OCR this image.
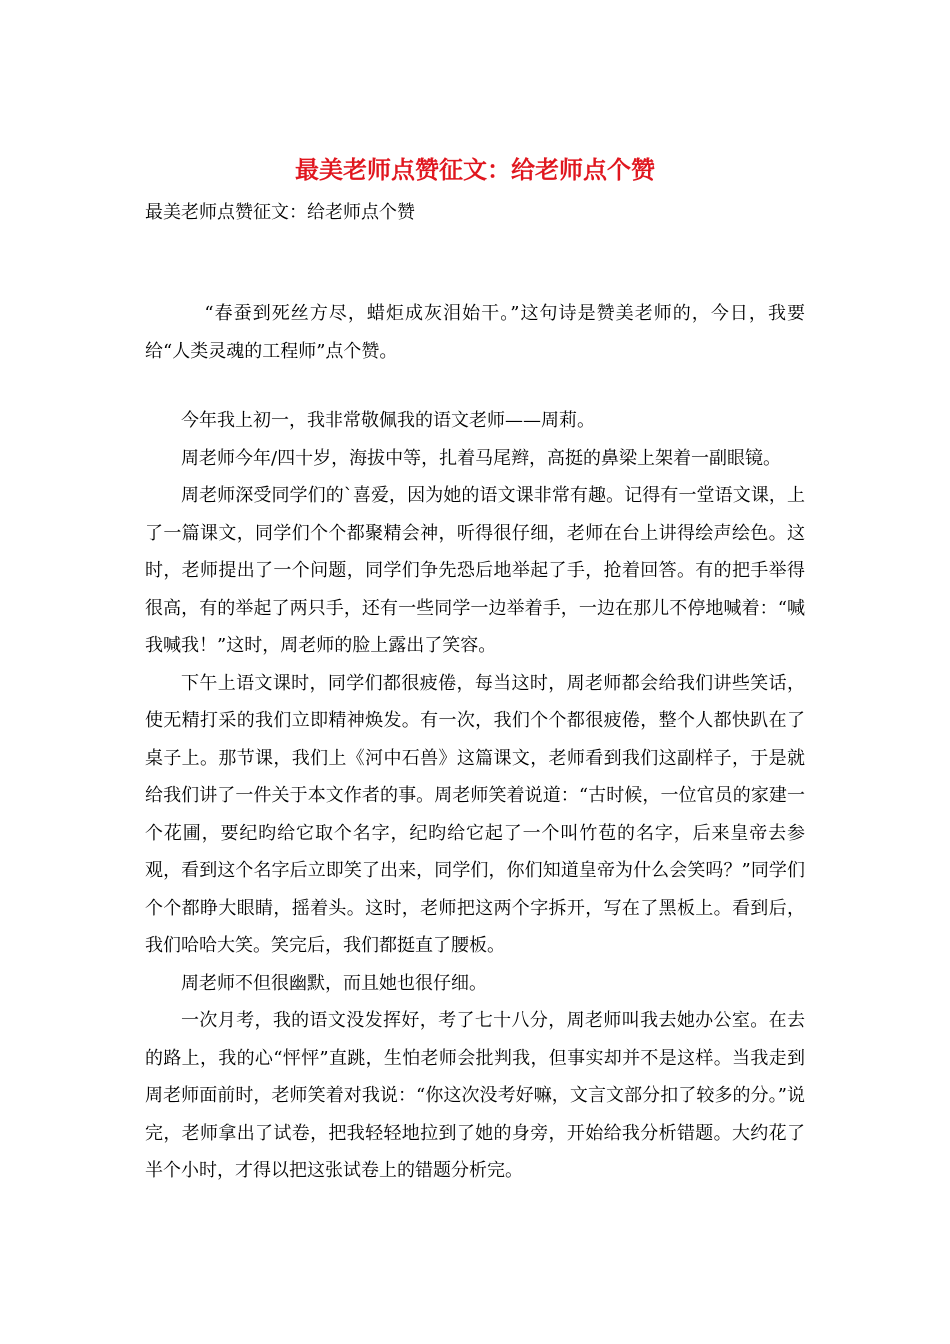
最美老师点赞征文：给老师点个赞

最美老师点赞征文：给老师点个赞

“春蚕到死丝方尽，蜡炬成灰泪始干。”这句诗是赞美老师的，今日，我要给“人类灵魂的工程师”点个赞。

今年我上初一，我非常敬佩我的语文老师——周莉。

周老师今年/四十岁，海拔中等，扎着马尾辫，高挺的鼻梁上架着一副眼镜。

周老师深受同学们的`喜爱，因为她的语文课非常有趣。记得有一堂语文课，上了一篇课文，同学们个个都聚精会神，听得很仔细，老师在台上讲得绘声绘色。这时，老师提出了一个问题，同学们争先恐后地举起了手，抢着回答。有的把手举得很高，有的举起了两只手，还有一些同学一边举着手，一边在那儿不停地喊着：“喊我喊我！”这时，周老师的脸上露出了笑容。

下午上语文课时，同学们都很疲倦，每当这时，周老师都会给我们讲些笑话，使无精打采的我们立即精神焕发。有一次，我们个个都很疲倦，整个人都快趴在了桌子上。那节课，我们上《河中石兽》这篇课文，老师看到我们这副样子，于是就给我们讲了一件关于本文作者的事。周老师笑着说道：“古时候，一位官员的家建一个花圃，要纪昀给它取个名字，纪昀给它起了一个叫竹苞的名字，后来皇帝去参观，看到这个名字后立即笑了出来，同学们，你们知道皇帝为什么会笑吗？”同学们个个都睁大眼睛，摇着头。这时，老师把这两个字拆开，写在了黑板上。看到后，我们哈哈大笑。笑完后，我们都挺直了腰板。

周老师不但很幽默，而且她也很仔细。

一次月考，我的语文没发挥好，考了七十八分，周老师叫我去她办公室。在去的路上，我的心“怦怦”直跳，生怕老师会批判我，但事实却并不是这样。当我走到周老师面前时，老师笑着对我说：“你这次没考好嘛，文言文部分扣了较多的分。”说完，老师拿出了试卷，把我轻轻地拉到了她的身旁，开始给我分析错题。大约花了半个小时，才得以把这张试卷上的错题分析完。
